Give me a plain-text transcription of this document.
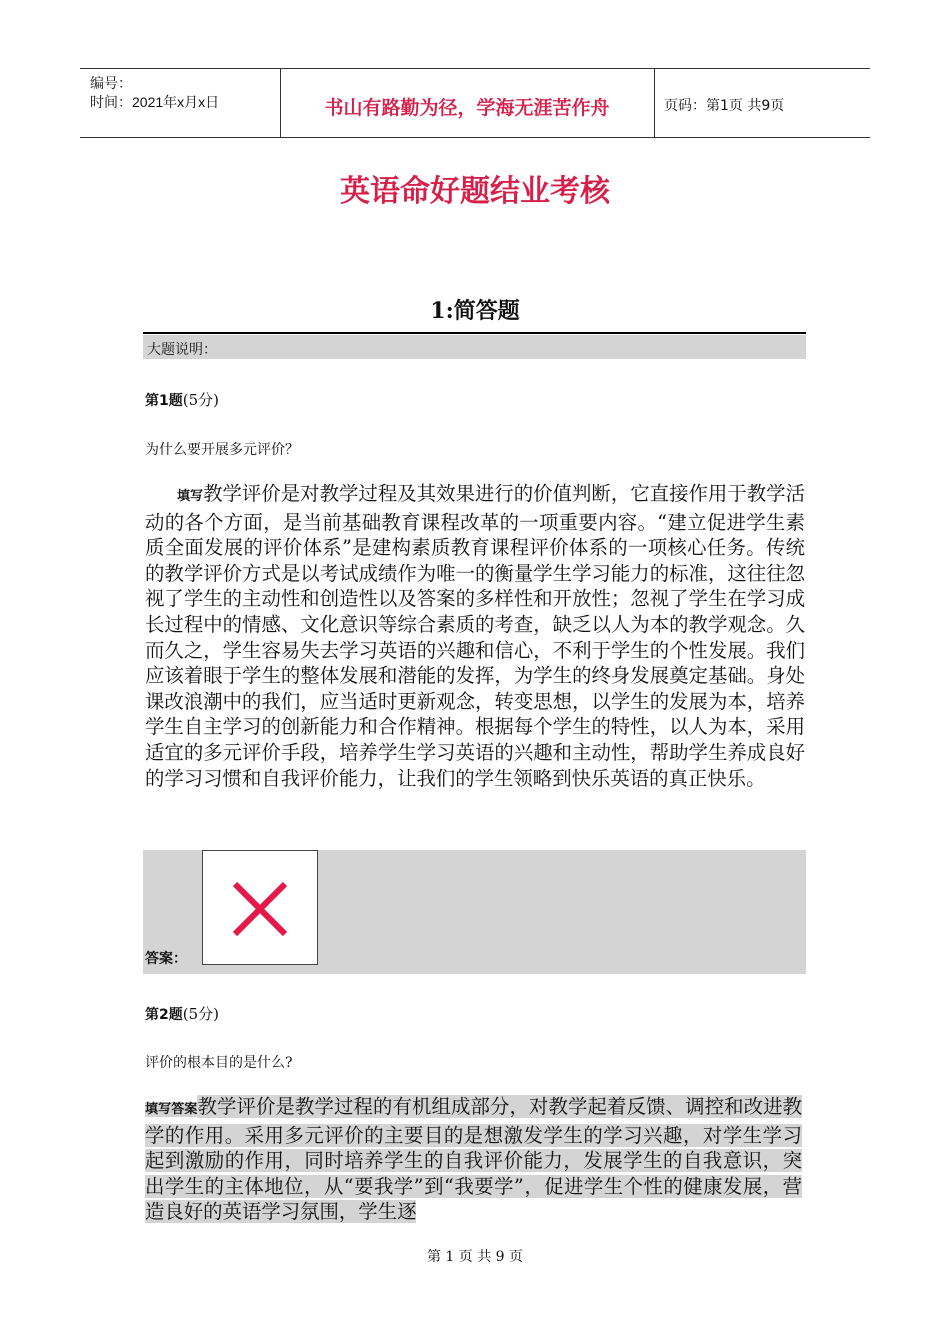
编号：
时间：2021年x月x日	书山有路勤为径，学海无涯苦作舟	页码：第1页 共9页
英语命好题结业考核
1:简答题
大题说明：
第1题(5分)
为什么要开展多元评价？
填写教学评价是对教学过程及其效果进行的价值判断，它直接作用于教学活动的各个方面，是当前基础教育课程改革的一项重要内容。“建立促进学生素质全面发展的评价体系”是建构素质教育课程评价体系的一项核心任务。传统的教学评价方式是以考试成绩作为唯一的衡量学生学习能力的标准，这往往忽视了学生的主动性和创造性以及答案的多样性和开放性；忽视了学生在学习成长过程中的情感、文化意识等综合素质的考查，缺乏以人为本的教学观念。久而久之，学生容易失去学习英语的兴趣和信心，不利于学生的个性发展。我们应该着眼于学生的整体发展和潜能的发挥，为学生的终身发展奠定基础。身处课改浪潮中的我们，应当适时更新观念，转变思想，以学生的发展为本，培养学生自主学习的创新能力和合作精神。根据每个学生的特性，以人为本，采用适宜的多元评价手段，培养学生学习英语的兴趣和主动性，帮助学生养成良好的学习习惯和自我评价能力，让我们的学生领略到快乐英语的真正快乐。
答案：
第2题(5分)
评价的根本目的是什么?
填写答案教学评价是教学过程的有机组成部分，对教学起着反馈、调控和改进教学的作用。采用多元评价的主要目的是想激发学生的学习兴趣，对学生学习起到激励的作用，同时培养学生的自我评价能力，发展学生的自我意识，突出学生的主体地位，从“要我学”到“我要学”，促进学生个性的健康发展，营造良好的英语学习氛围，学生逐
第 1 页 共 9 页
